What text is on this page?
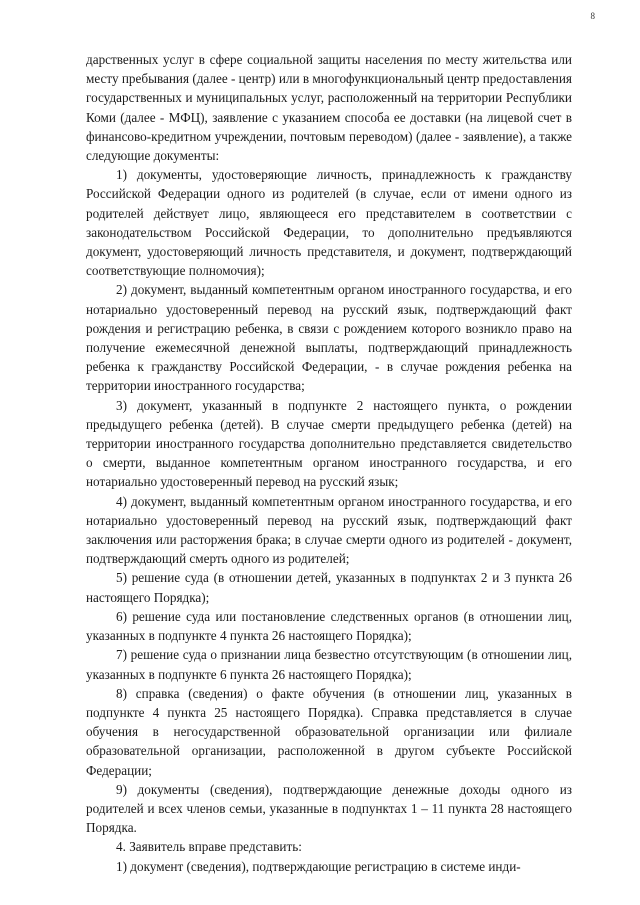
8

дарственных услуг в сфере социальной защиты населения по месту жительства или месту пребывания (далее - центр) или в многофункциональный центр предоставления государственных и муниципальных услуг, расположенный на территории Республики Коми (далее - МФЦ), заявление с указанием способа ее доставки (на лицевой счет в финансово-кредитном учреждении, почтовым переводом) (далее - заявление), а также следующие документы:

1) документы, удостоверяющие личность, принадлежность к гражданству Российской Федерации одного из родителей (в случае, если от имени одного из родителей действует лицо, являющееся его представителем в соответствии с законодательством Российской Федерации, то дополнительно предъявляются документ, удостоверяющий личность представителя, и документ, подтверждающий соответствующие полномочия);

2) документ, выданный компетентным органом иностранного государства, и его нотариально удостоверенный перевод на русский язык, подтверждающий факт рождения и регистрацию ребенка, в связи с рождением которого возникло право на получение ежемесячной денежной выплаты, подтверждающий принадлежность ребенка к гражданству Российской Федерации, - в случае рождения ребенка на территории иностранного государства;

3) документ, указанный в подпункте 2 настоящего пункта, о рождении предыдущего ребенка (детей). В случае смерти предыдущего ребенка (детей) на территории иностранного государства дополнительно представляется свидетельство о смерти, выданное компетентным органом иностранного государства, и его нотариально удостоверенный перевод на русский язык;

4) документ, выданный компетентным органом иностранного государства, и его нотариально удостоверенный перевод на русский язык, подтверждающий факт заключения или расторжения брака; в случае смерти одного из родителей - документ, подтверждающий смерть одного из родителей;

5) решение суда (в отношении детей, указанных в подпунктах 2 и 3 пункта 26 настоящего Порядка);

6) решение суда или постановление следственных органов (в отношении лиц, указанных в подпункте 4 пункта 26 настоящего Порядка);

7) решение суда о признании лица безвестно отсутствующим (в отношении лиц, указанных в подпункте 6 пункта 26 настоящего Порядка);

8) справка (сведения) о факте обучения (в отношении лиц, указанных в подпункте 4 пункта 25 настоящего Порядка). Справка представляется в случае обучения в негосударственной образовательной организации или филиале образовательной организации, расположенной в другом субъекте Российской Федерации;

9) документы (сведения), подтверждающие денежные доходы одного из родителей и всех членов семьи, указанные в подпунктах 1 – 11 пункта 28 настоящего Порядка.

4. Заявитель вправе представить:

1) документ (сведения), подтверждающие регистрацию в системе инди-
